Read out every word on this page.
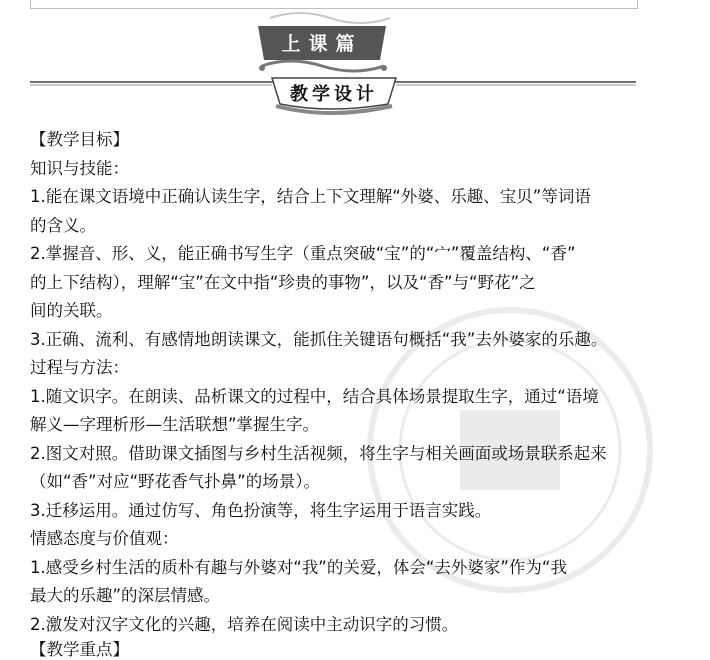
上课篇
教学设计

【教学目标】

知识与技能：

1.能在课文语境中正确认读生字，结合上下文理解“外婆、乐趣、宝贝”等词语

的含义。

2.掌握音、形、义，能正确书写生字（重点突破“宝”的“宀”覆盖结构、“香”

的上下结构），理解“宝”在文中指“珍贵的事物”，以及“香”与“野花”之

间的关联。

3.正确、流利、有感情地朗读课文，能抓住关键语句概括“我”去外婆家的乐趣。

过程与方法：

1.随文识字。在朗读、品析课文的过程中，结合具体场景提取生字，通过“语境

解义—字理析形—生活联想”掌握生字。

2.图文对照。借助课文插图与乡村生活视频，将生字与相关画面或场景联系起来

（如“香”对应“野花香气扑鼻”的场景）。

3.迁移运用。通过仿写、角色扮演等，将生字运用于语言实践。

情感态度与价值观：

1.感受乡村生活的质朴有趣与外婆对“我”的关爱，体会“去外婆家”作为“我

最大的乐趣”的深层情感。

2.激发对汉字文化的兴趣，培养在阅读中主动识字的习惯。

【教学重点】
